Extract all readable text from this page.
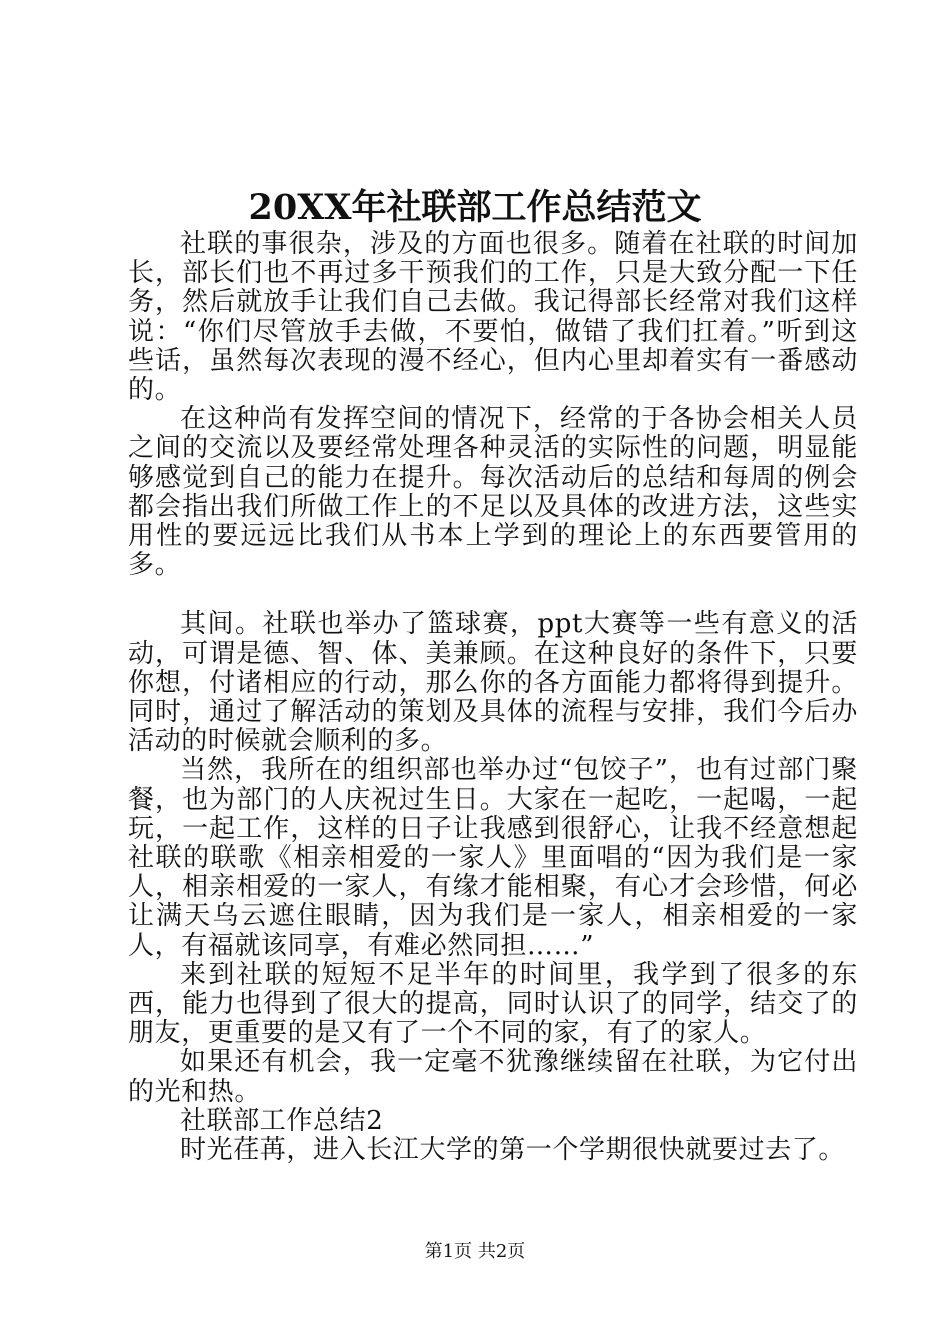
20XX年社联部工作总结范文

社联的事很杂，涉及的方面也很多。随着在社联的时间加长，部长们也不再过多干预我们的工作，只是大致分配一下任务，然后就放手让我们自己去做。我记得部长经常对我们这样说：“你们尽管放手去做，不要怕，做错了我们扛着。”听到这些话，虽然每次表现的漫不经心，但内心里却着实有一番感动的。

在这种尚有发挥空间的情况下，经常的于各协会相关人员之间的交流以及要经常处理各种灵活的实际性的问题，明显能够感觉到自己的能力在提升。每次活动后的总结和每周的例会都会指出我们所做工作上的不足以及具体的改进方法，这些实用性的要远远比我们从书本上学到的理论上的东西要管用的多。

其间。社联也举办了篮球赛，ppt大赛等一些有意义的活动，可谓是德、智、体、美兼顾。在这种良好的条件下，只要你想，付诸相应的行动，那么你的各方面能力都将得到提升。同时，通过了解活动的策划及具体的流程与安排，我们今后办活动的时候就会顺利的多。

当然，我所在的组织部也举办过“包饺子”，也有过部门聚餐，也为部门的人庆祝过生日。大家在一起吃，一起喝，一起玩，一起工作，这样的日子让我感到很舒心，让我不经意想起社联的联歌《相亲相爱的一家人》里面唱的“因为我们是一家人，相亲相爱的一家人，有缘才能相聚，有心才会珍惜，何必让满天乌云遮住眼睛，因为我们是一家人，相亲相爱的一家人，有福就该同享，有难必然同担……”

来到社联的短短不足半年的时间里，我学到了很多的东西，能力也得到了很大的提高，同时认识了的同学，结交了的朋友，更重要的是又有了一个不同的家，有了的家人。

如果还有机会，我一定毫不犹豫继续留在社联，为它付出的光和热。

社联部工作总结2

时光荏苒，进入长江大学的第一个学期很快就要过去了。

第1页 共2页
